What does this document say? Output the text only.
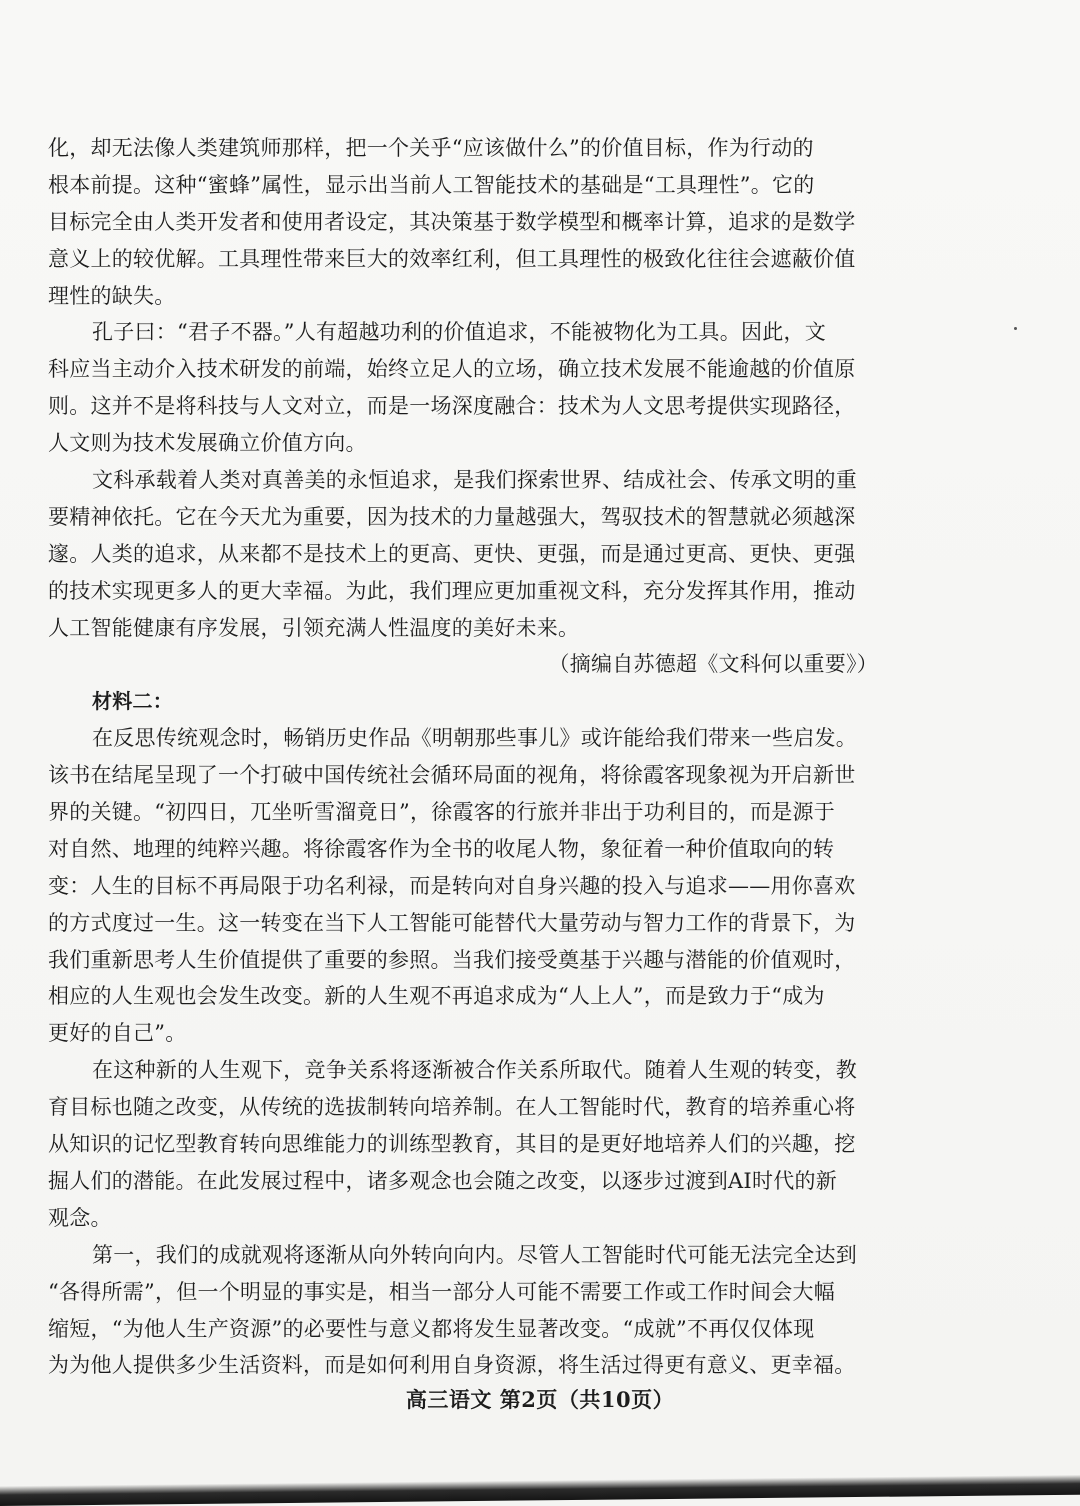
化，却无法像人类建筑师那样，把一个关乎“应该做什么”的价值目标，作为行动的
根本前提。这种“蜜蜂”属性，显示出当前人工智能技术的基础是“工具理性”。它的
目标完全由人类开发者和使用者设定，其决策基于数学模型和概率计算，追求的是数学
意义上的较优解。工具理性带来巨大的效率红利，但工具理性的极致化往往会遮蔽价值
理性的缺失。
孔子曰：“君子不器。”人有超越功利的价值追求，不能被物化为工具。因此，文
科应当主动介入技术研发的前端，始终立足人的立场，确立技术发展不能逾越的价值原
则。这并不是将科技与人文对立，而是一场深度融合：技术为人文思考提供实现路径，
人文则为技术发展确立价值方向。
文科承载着人类对真善美的永恒追求，是我们探索世界、结成社会、传承文明的重
要精神依托。它在今天尤为重要，因为技术的力量越强大，驾驭技术的智慧就必须越深
邃。人类的追求，从来都不是技术上的更高、更快、更强，而是通过更高、更快、更强
的技术实现更多人的更大幸福。为此，我们理应更加重视文科，充分发挥其作用，推动
人工智能健康有序发展，引领充满人性温度的美好未来。
（摘编自苏德超《文科何以重要》）
材料二：
在反思传统观念时，畅销历史作品《明朝那些事儿》或许能给我们带来一些启发。
该书在结尾呈现了一个打破中国传统社会循环局面的视角，将徐霞客现象视为开启新世
界的关键。“初四日，兀坐听雪溜竟日”，徐霞客的行旅并非出于功利目的，而是源于
对自然、地理的纯粹兴趣。将徐霞客作为全书的收尾人物，象征着一种价值取向的转
变：人生的目标不再局限于功名利禄，而是转向对自身兴趣的投入与追求——用你喜欢
的方式度过一生。这一转变在当下人工智能可能替代大量劳动与智力工作的背景下，为
我们重新思考人生价值提供了重要的参照。当我们接受奠基于兴趣与潜能的价值观时，
相应的人生观也会发生改变。新的人生观不再追求成为“人上人”，而是致力于“成为
更好的自己”。
在这种新的人生观下，竞争关系将逐渐被合作关系所取代。随着人生观的转变，教
育目标也随之改变，从传统的选拔制转向培养制。在人工智能时代，教育的培养重心将
从知识的记忆型教育转向思维能力的训练型教育，其目的是更好地培养人们的兴趣，挖
掘人们的潜能。在此发展过程中，诸多观念也会随之改变，以逐步过渡到AI时代的新
观念。
第一，我们的成就观将逐渐从向外转向向内。尽管人工智能时代可能无法完全达到
“各得所需”，但一个明显的事实是，相当一部分人可能不需要工作或工作时间会大幅
缩短，“为他人生产资源”的必要性与意义都将发生显著改变。“成就”不再仅仅体现
为为他人提供多少生活资料，而是如何利用自身资源，将生活过得更有意义、更幸福。
高三语文 第2页（共10页）
